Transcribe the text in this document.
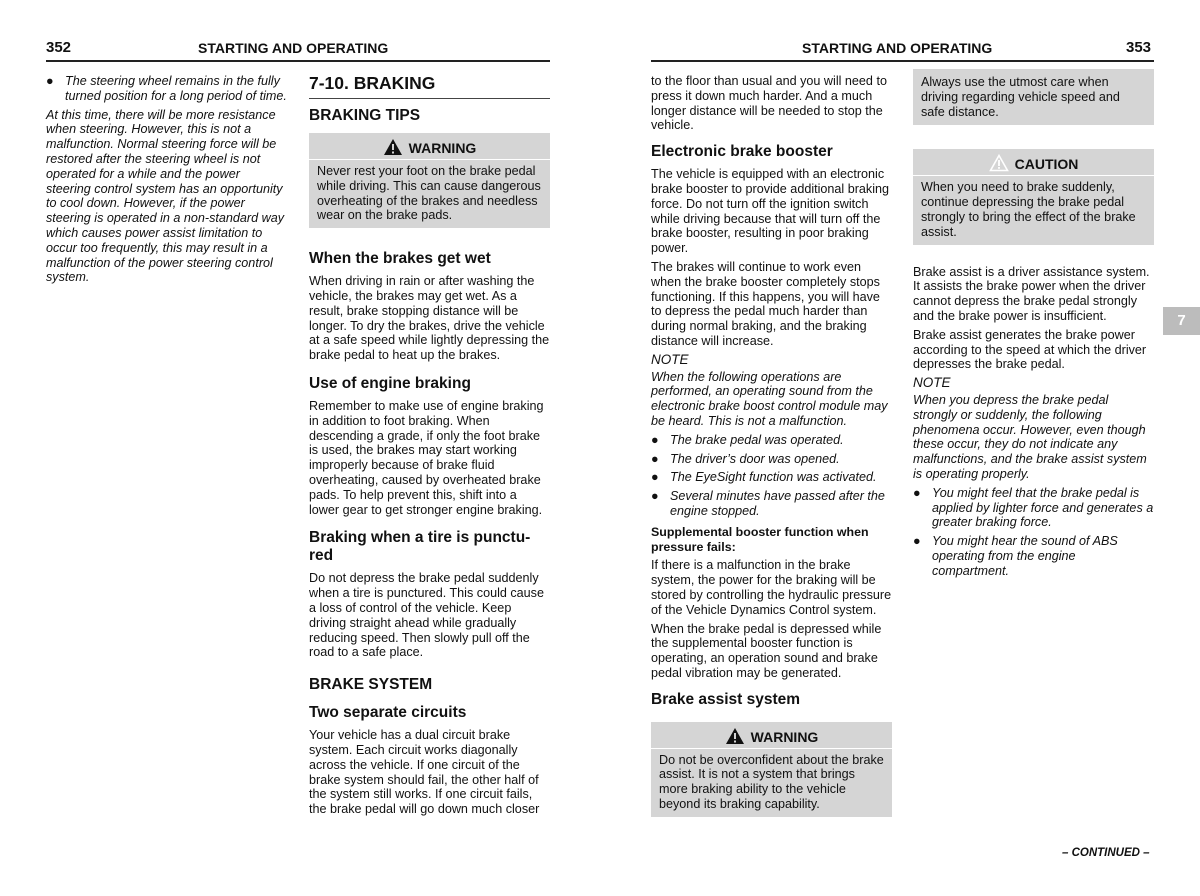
352	STARTING AND OPERATING	STARTING AND OPERATING	353
● The steering wheel remains in the fully turned position for a long period of time.

At this time, there will be more resistance when steering. However, this is not a malfunction. Normal steering force will be restored after the steering wheel is not operated for a while and the power steering control system has an opportunity to cool down. However, if the power steering is operated in a non-standard way which causes power assist limitation to occur too frequently, this may result in a malfunction of the power steering control system.

7-10. BRAKING
BRAKING TIPS
WARNING
Never rest your foot on the brake pedal while driving. This can cause dangerous overheating of the brakes and needless wear on the brake pads.
When the brakes get wet

When driving in rain or after washing the vehicle, the brakes may get wet. As a result, brake stopping distance will be longer. To dry the brakes, drive the vehicle at a safe speed while lightly depressing the brake pedal to heat up the brakes.

Use of engine braking

Remember to make use of engine braking in addition to foot braking. When descending a grade, if only the foot brake is used, the brakes may start working improperly because of brake fluid overheating, caused by overheated brake pads. To help prevent this, shift into a lower gear to get stronger engine braking.

Braking when a tire is punctu-
red

Do not depress the brake pedal suddenly when a tire is punctured. This could cause a loss of control of the vehicle. Keep driving straight ahead while gradually reducing speed. Then slowly pull off the road to a safe place.

BRAKE SYSTEM
Two separate circuits

Your vehicle has a dual circuit brake system. Each circuit works diagonally across the vehicle. If one circuit of the brake system should fail, the other half of the system still works. If one circuit fails, the brake pedal will go down much closer

to the floor than usual and you will need to press it down much harder. And a much longer distance will be needed to stop the vehicle.

Electronic brake booster

The vehicle is equipped with an electronic brake booster to provide additional braking force. Do not turn off the ignition switch while driving because that will turn off the brake booster, resulting in poor braking power.

The brakes will continue to work even when the brake booster completely stops functioning. If this happens, you will have to depress the pedal much harder than during normal braking, and the braking distance will increase.

NOTE

When the following operations are performed, an operating sound from the electronic brake boost control module may be heard. This is not a malfunction.

● The brake pedal was operated.
● The driver’s door was opened.
● The EyeSight function was activated.
● Several minutes have passed after the engine stopped.
Supplemental booster function when pressure fails:

If there is a malfunction in the brake system, the power for the braking will be stored by controlling the hydraulic pressure of the Vehicle Dynamics Control system.

When the brake pedal is depressed while the supplemental booster function is operating, an operation sound and brake pedal vibration may be generated.

Brake assist system
WARNING
Do not be overconfident about the brake assist. It is not a system that brings more braking ability to the vehicle beyond its braking capability.
Always use the utmost care when driving regarding vehicle speed and safe distance.
CAUTION
When you need to brake suddenly, continue depressing the brake pedal strongly to bring the effect of the brake assist.

Brake assist is a driver assistance system. It assists the brake power when the driver cannot depress the brake pedal strongly and the brake power is insufficient.

Brake assist generates the brake power according to the speed at which the driver depresses the brake pedal.

NOTE

When you depress the brake pedal strongly or suddenly, the following phenomena occur. However, even though these occur, they do not indicate any malfunctions, and the brake assist system is operating properly.

● You might feel that the brake pedal is applied by lighter force and generates a greater braking force.
● You might hear the sound of ABS operating from the engine compartment.
7
– CONTINUED –
